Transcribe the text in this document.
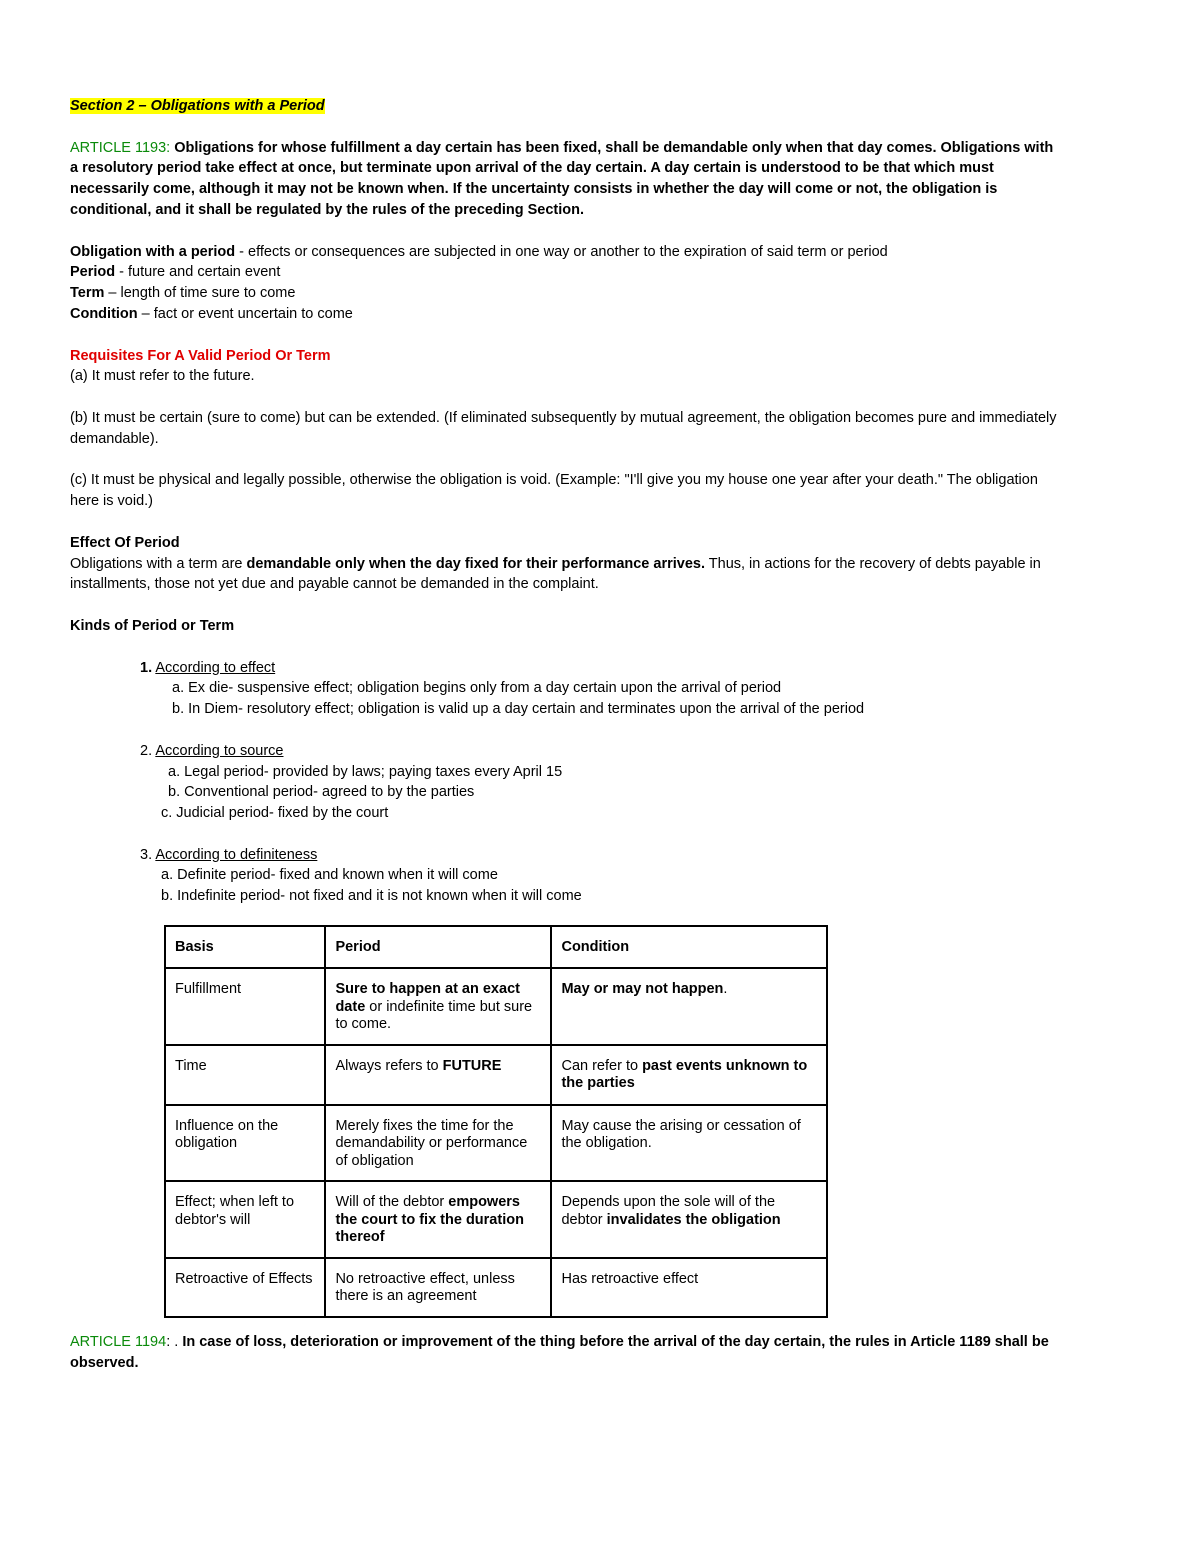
Section 2 – Obligations with a Period

ARTICLE 1193: Obligations for whose fulfillment a day certain has been fixed, shall be demandable only when that day comes. Obligations with a resolutory period take effect at once, but terminate upon arrival of the day certain. A day certain is understood to be that which must necessarily come, although it may not be known when. If the uncertainty consists in whether the day will come or not, the obligation is conditional, and it shall be regulated by the rules of the preceding Section.

Obligation with a period - effects or consequences are subjected in one way or another to the expiration of said term or period

Period - future and certain event

Term – length of time sure to come

Condition – fact or event uncertain to come

Requisites For A Valid Period Or Term

(a) It must refer to the future.

(b) It must be certain (sure to come) but can be extended. (If eliminated subsequently by mutual agreement, the obligation becomes pure and immediately demandable).

(c) It must be physical and legally possible, otherwise the obligation is void. (Example: "I'll give you my house one year after your death." The obligation here is void.)

Effect Of Period

Obligations with a term are demandable only when the day fixed for their performance arrives. Thus, in actions for the recovery of debts payable in installments, those not yet due and payable cannot be demanded in the complaint.

Kinds of Period or Term

1. According to effect

a. Ex die- suspensive effect; obligation begins only from a day certain upon the arrival of period

b. In Diem- resolutory effect; obligation is valid up a day certain and terminates upon the arrival of the period

2. According to source

a. Legal period- provided by laws; paying taxes every April 15

b. Conventional period- agreed to by the parties

c. Judicial period- fixed by the court

3. According to definiteness

a. Definite period- fixed and known when it will come

b. Indefinite period- not fixed and it is not known when it will come

Basis	Period	Condition
Fulfillment	Sure to happen at an exact date or indefinite time but sure to come.	May or may not happen.
Time	Always refers to FUTURE	Can refer to past events unknown to the parties
Influence on the obligation	Merely fixes the time for the demandability or performance of obligation	May cause the arising or cessation of the obligation.
Effect; when left to debtor's will	Will of the debtor empowers the court to fix the duration thereof	Depends upon the sole will of the debtor invalidates the obligation
Retroactive of Effects	No retroactive effect, unless there is an agreement	Has retroactive effect

ARTICLE 1194: . In case of loss, deterioration or improvement of the thing before the arrival of the day certain, the rules in Article 1189 shall be observed.
